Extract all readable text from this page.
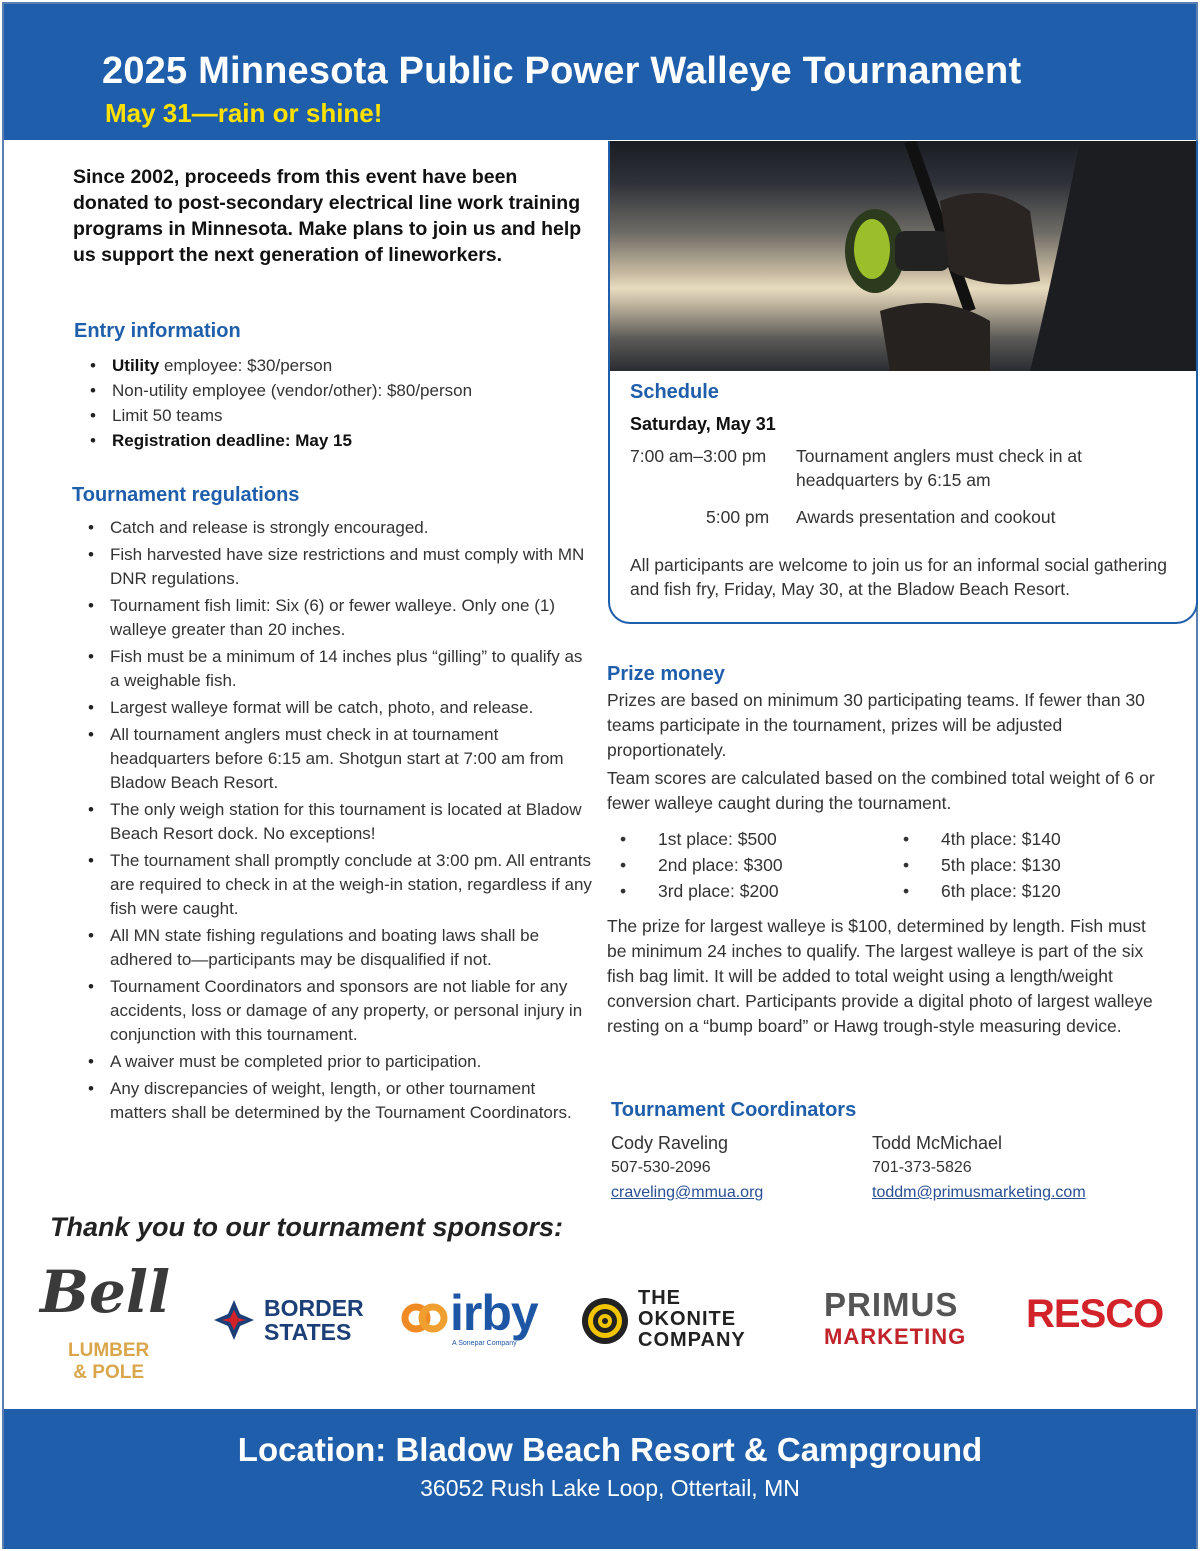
2025 Minnesota Public Power Walleye Tournament
May 31—rain or shine!
Since 2002, proceeds from this event have been donated to post-secondary electrical line work training programs in Minnesota. Make plans to join us and help us support the next generation of lineworkers.
Entry information
• Utility employee: $30/person
• Non-utility employee (vendor/other): $80/person
• Limit 50 teams
• Registration deadline: May 15
Tournament regulations
• Catch and release is strongly encouraged.
• Fish harvested have size restrictions and must comply with MN DNR regulations.
• Tournament fish limit: Six (6) or fewer walleye. Only one (1) walleye greater than 20 inches.
• Fish must be a minimum of 14 inches plus “gilling” to qualify as a weighable fish.
• Largest walleye format will be catch, photo, and release.
• All tournament anglers must check in at tournament headquarters before 6:15 am. Shotgun start at 7:00 am from Bladow Beach Resort.
• The only weigh station for this tournament is located at Bladow Beach Resort dock. No exceptions!
• The tournament shall promptly conclude at 3:00 pm. All entrants are required to check in at the weigh-in station, regardless if any fish were caught.
• All MN state fishing regulations and boating laws shall be adhered to—participants may be disqualified if not.
• Tournament Coordinators and sponsors are not liable for any accidents, loss or damage of any property, or personal injury in conjunction with this tournament.
• A waiver must be completed prior to participation.
• Any discrepancies of weight, length, or other tournament matters shall be determined by the Tournament Coordinators.
Schedule
Saturday, May 31
7:00 am–3:00 pm Tournament anglers must check in at headquarters by 6:15 am
5:00 pm Awards presentation and cookout
All participants are welcome to join us for an informal social gathering and fish fry, Friday, May 30, at the Bladow Beach Resort.
Prize money
Prizes are based on minimum 30 participating teams. If fewer than 30 teams participate in the tournament, prizes will be adjusted proportionately.
Team scores are calculated based on the combined total weight of 6 or fewer walleye caught during the tournament.
• 1st place: $500
• 2nd place: $300
• 3rd place: $200
• 4th place: $140
• 5th place: $130
• 6th place: $120
The prize for largest walleye is $100, determined by length. Fish must be minimum 24 inches to qualify. The largest walleye is part of the six fish bag limit. It will be added to total weight using a length/weight conversion chart. Participants provide a digital photo of largest walleye resting on a “bump board” or Hawg trough-style measuring device.
Tournament Coordinators
Cody Raveling
507-530-2096
craveling@mmua.org
Todd McMichael
701-373-5826
toddm@primusmarketing.com
Thank you to our tournament sponsors:
Bell
LUMBER
& POLE
BORDER
STATES irby
A Sonepar Company
THE
OKONITE
COMPANY
PRIMUS
MARKETING
RESCO
Location: Bladow Beach Resort & Campground
36052 Rush Lake Loop, Ottertail, MN
